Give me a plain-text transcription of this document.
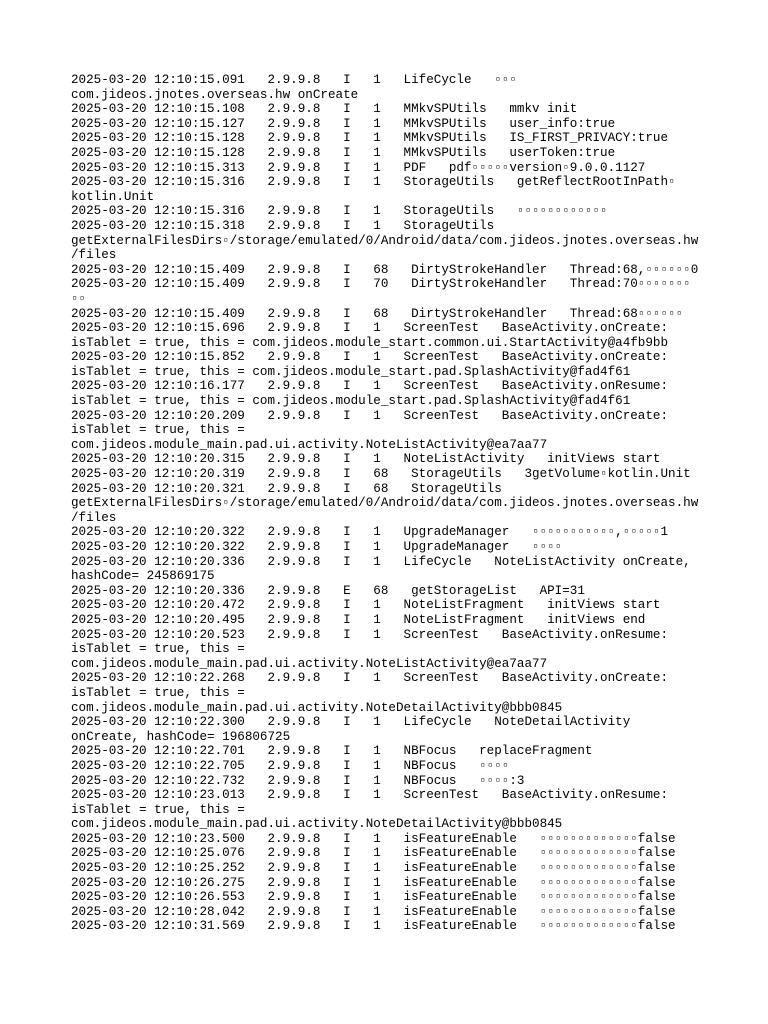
2025-03-20 12:10:15.091   2.9.9.8   I   1   LifeCycle   ▫▫▫
com.jideos.jnotes.overseas.hw onCreate
2025-03-20 12:10:15.108   2.9.9.8   I   1   MMkvSPUtils   mmkv init
2025-03-20 12:10:15.127   2.9.9.8   I   1   MMkvSPUtils   user_info:true
2025-03-20 12:10:15.128   2.9.9.8   I   1   MMkvSPUtils   IS_FIRST_PRIVACY:true
2025-03-20 12:10:15.128   2.9.9.8   I   1   MMkvSPUtils   userToken:true
2025-03-20 12:10:15.313   2.9.9.8   I   1   PDF   pdf▫▫▫▫▫version▫9.0.0.1127
2025-03-20 12:10:15.316   2.9.9.8   I   1   StorageUtils   getReflectRootInPath▫
kotlin.Unit
2025-03-20 12:10:15.316   2.9.9.8   I   1   StorageUtils   ▫▫▫▫▫▫▫▫▫▫▫▫
2025-03-20 12:10:15.318   2.9.9.8   I   1   StorageUtils
getExternalFilesDirs▫/storage/emulated/0/Android/data/com.jideos.jnotes.overseas.hw
/files
2025-03-20 12:10:15.409   2.9.9.8   I   68   DirtyStrokeHandler   Thread:68,▫▫▫▫▫▫0
2025-03-20 12:10:15.409   2.9.9.8   I   70   DirtyStrokeHandler   Thread:70▫▫▫▫▫▫▫
▫▫
2025-03-20 12:10:15.409   2.9.9.8   I   68   DirtyStrokeHandler   Thread:68▫▫▫▫▫▫
2025-03-20 12:10:15.696   2.9.9.8   I   1   ScreenTest   BaseActivity.onCreate:
isTablet = true, this = com.jideos.module_start.common.ui.StartActivity@a4fb9bb
2025-03-20 12:10:15.852   2.9.9.8   I   1   ScreenTest   BaseActivity.onCreate:
isTablet = true, this = com.jideos.module_start.pad.SplashActivity@fad4f61
2025-03-20 12:10:16.177   2.9.9.8   I   1   ScreenTest   BaseActivity.onResume:
isTablet = true, this = com.jideos.module_start.pad.SplashActivity@fad4f61
2025-03-20 12:10:20.209   2.9.9.8   I   1   ScreenTest   BaseActivity.onCreate:
isTablet = true, this =
com.jideos.module_main.pad.ui.activity.NoteListActivity@ea7aa77
2025-03-20 12:10:20.315   2.9.9.8   I   1   NoteListActivity   initViews start
2025-03-20 12:10:20.319   2.9.9.8   I   68   StorageUtils   3getVolume▫kotlin.Unit
2025-03-20 12:10:20.321   2.9.9.8   I   68   StorageUtils
getExternalFilesDirs▫/storage/emulated/0/Android/data/com.jideos.jnotes.overseas.hw
/files
2025-03-20 12:10:20.322   2.9.9.8   I   1   UpgradeManager   ▫▫▫▫▫▫▫▫▫▫▫,▫▫▫▫▫1
2025-03-20 12:10:20.322   2.9.9.8   I   1   UpgradeManager   ▫▫▫▫
2025-03-20 12:10:20.336   2.9.9.8   I   1   LifeCycle   NoteListActivity onCreate,
hashCode= 245869175
2025-03-20 12:10:20.336   2.9.9.8   E   68   getStorageList   API=31
2025-03-20 12:10:20.472   2.9.9.8   I   1   NoteListFragment   initViews start
2025-03-20 12:10:20.495   2.9.9.8   I   1   NoteListFragment   initViews end
2025-03-20 12:10:20.523   2.9.9.8   I   1   ScreenTest   BaseActivity.onResume:
isTablet = true, this =
com.jideos.module_main.pad.ui.activity.NoteListActivity@ea7aa77
2025-03-20 12:10:22.268   2.9.9.8   I   1   ScreenTest   BaseActivity.onCreate:
isTablet = true, this =
com.jideos.module_main.pad.ui.activity.NoteDetailActivity@bbb0845
2025-03-20 12:10:22.300   2.9.9.8   I   1   LifeCycle   NoteDetailActivity
onCreate, hashCode= 196806725
2025-03-20 12:10:22.701   2.9.9.8   I   1   NBFocus   replaceFragment
2025-03-20 12:10:22.705   2.9.9.8   I   1   NBFocus   ▫▫▫▫
2025-03-20 12:10:22.732   2.9.9.8   I   1   NBFocus   ▫▫▫▫:3
2025-03-20 12:10:23.013   2.9.9.8   I   1   ScreenTest   BaseActivity.onResume:
isTablet = true, this =
com.jideos.module_main.pad.ui.activity.NoteDetailActivity@bbb0845
2025-03-20 12:10:23.500   2.9.9.8   I   1   isFeatureEnable   ▫▫▫▫▫▫▫▫▫▫▫▫▫false
2025-03-20 12:10:25.076   2.9.9.8   I   1   isFeatureEnable   ▫▫▫▫▫▫▫▫▫▫▫▫▫false
2025-03-20 12:10:25.252   2.9.9.8   I   1   isFeatureEnable   ▫▫▫▫▫▫▫▫▫▫▫▫▫false
2025-03-20 12:10:26.275   2.9.9.8   I   1   isFeatureEnable   ▫▫▫▫▫▫▫▫▫▫▫▫▫false
2025-03-20 12:10:26.553   2.9.9.8   I   1   isFeatureEnable   ▫▫▫▫▫▫▫▫▫▫▫▫▫false
2025-03-20 12:10:28.042   2.9.9.8   I   1   isFeatureEnable   ▫▫▫▫▫▫▫▫▫▫▫▫▫false
2025-03-20 12:10:31.569   2.9.9.8   I   1   isFeatureEnable   ▫▫▫▫▫▫▫▫▫▫▫▫▫false
